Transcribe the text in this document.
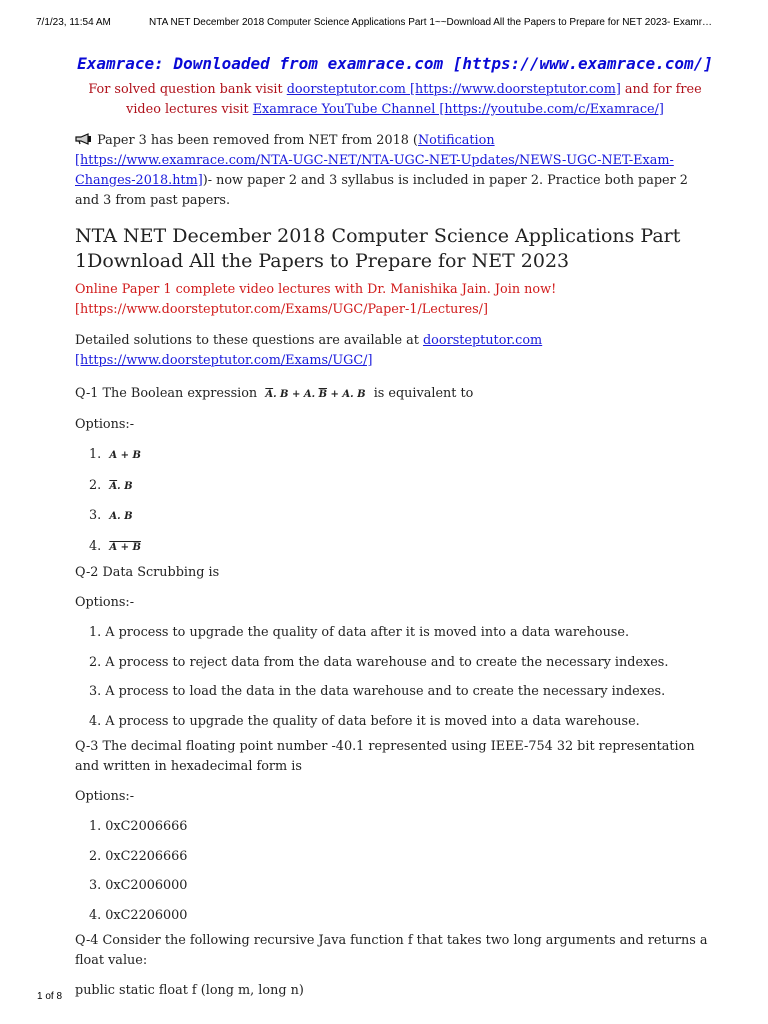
7/1/23, 11:54 AM	NTA NET December 2018 Computer Science Applications Part 1~~Download All the Papers to Prepare for NET 2023- Examr…
Examrace: Downloaded from examrace.com [https://www.examrace.com/]

For solved question bank visit doorsteptutor.com [https://www.doorsteptutor.com] and for free video lectures visit Examrace YouTube Channel [https://youtube.com/c/Examrace/]

Paper 3 has been removed from NET from 2018 (Notification [https://www.examrace.com/NTA-UGC-NET/NTA-UGC-NET-Updates/NEWS-UGC-NET-Exam-Changes-2018.htm])- now paper 2 and 3 syllabus is included in paper 2. Practice both paper 2 and 3 from past papers.

NTA NET December 2018 Computer Science Applications Part 1Download All the Papers to Prepare for NET 2023

Online Paper 1 complete video lectures with Dr. Manishika Jain. Join now! [https://www.doorsteptutor.com/Exams/UGC/Paper-1/Lectures/]

Detailed solutions to these questions are available at doorsteptutor.com [https://www.doorsteptutor.com/Exams/UGC/]

Q-1 The Boolean expression $\overline{A}$. B + A. $\overline{B} + A$. B is equivalent to

Options:-

1. A + B
2. $\overline{A}$. B
3. A. B
4. A + B

Q-2 Data Scrubbing is

Options:-

1. A process to upgrade the quality of data after it is moved into a data warehouse.
2. A process to reject data from the data warehouse and to create the necessary indexes.
3. A process to load the data in the data warehouse and to create the necessary indexes.
4. A process to upgrade the quality of data before it is moved into a data warehouse.

Q-3 The decimal floating point number -40.1 represented using IEEE-754 32 bit representation and written in hexadecimal form is

Options:-

1. 0xC2006666
2. 0xC2206666
3. 0xC2006000
4. 0xC2206000

Q-4 Consider the following recursive Java function f that takes two long arguments and returns a float value:

public static float f (long m, long n)

1 of 8
